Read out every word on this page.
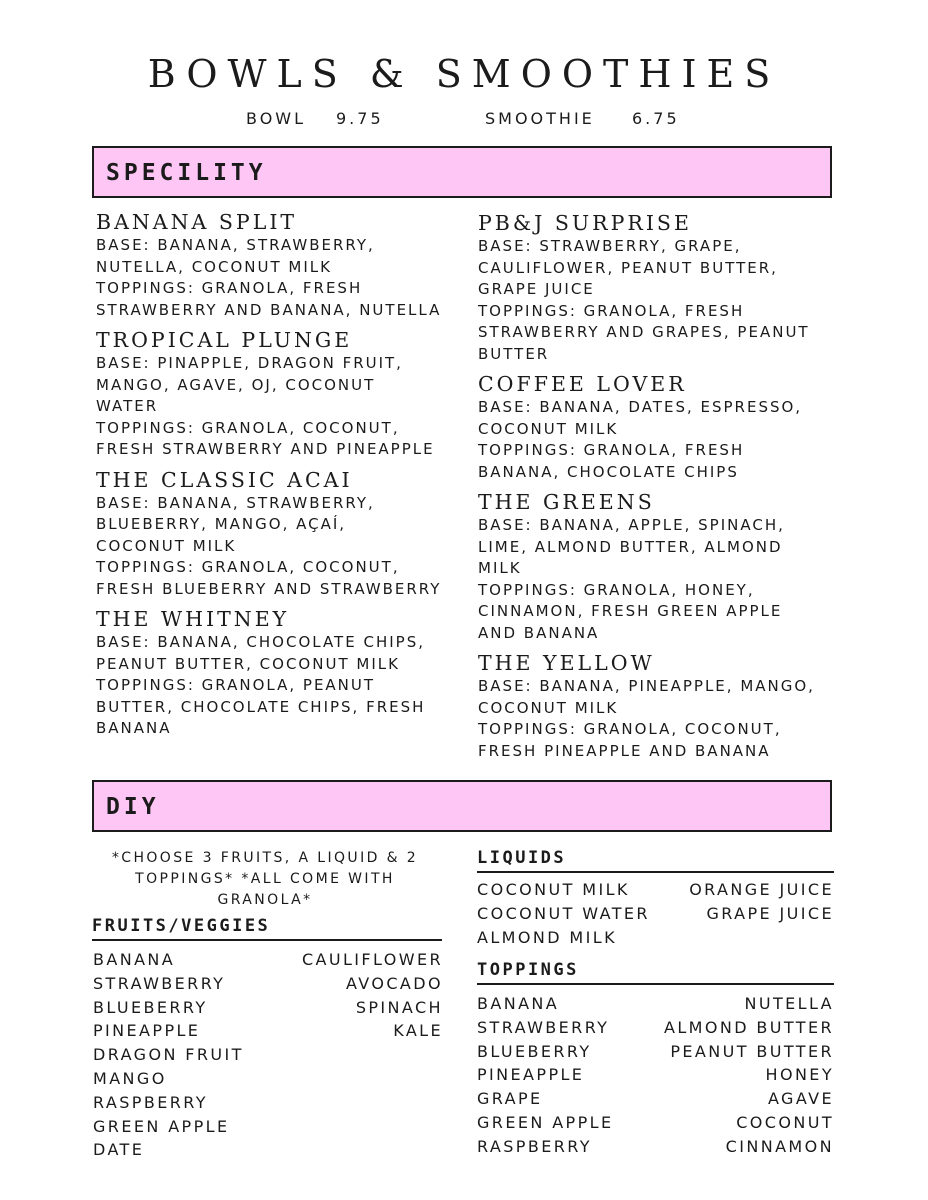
BOWLS & SMOOTHIES
BOWL 9.75	SMOOTHIE 6.75
SPECILITY
BANANA SPLIT
BASE: BANANA, STRAWBERRY,
NUTELLA, COCONUT MILK
TOPPINGS: GRANOLA, FRESH
STRAWBERRY AND BANANA, NUTELLA
TROPICAL PLUNGE
BASE: PINAPPLE, DRAGON FRUIT,
MANGO, AGAVE, OJ, COCONUT
WATER
TOPPINGS: GRANOLA, COCONUT,
FRESH STRAWBERRY AND PINEAPPLE
THE CLASSIC ACAI
BASE: BANANA, STRAWBERRY,
BLUEBERRY, MANGO, AÇAÍ,
COCONUT MILK
TOPPINGS: GRANOLA, COCONUT,
FRESH BLUEBERRY AND STRAWBERRY
THE WHITNEY
BASE: BANANA, CHOCOLATE CHIPS,
PEANUT BUTTER, COCONUT MILK
TOPPINGS: GRANOLA, PEANUT
BUTTER, CHOCOLATE CHIPS, FRESH
BANANA
PB&J SURPRISE
BASE: STRAWBERRY, GRAPE,
CAULIFLOWER, PEANUT BUTTER,
GRAPE JUICE
TOPPINGS: GRANOLA, FRESH
STRAWBERRY AND GRAPES, PEANUT
BUTTER
COFFEE LOVER
BASE: BANANA, DATES, ESPRESSO,
COCONUT MILK
TOPPINGS: GRANOLA, FRESH
BANANA, CHOCOLATE CHIPS
THE GREENS
BASE: BANANA, APPLE, SPINACH,
LIME, ALMOND BUTTER, ALMOND
MILK
TOPPINGS: GRANOLA, HONEY,
CINNAMON, FRESH GREEN APPLE
AND BANANA
THE YELLOW
BASE: BANANA, PINEAPPLE, MANGO,
COCONUT MILK
TOPPINGS: GRANOLA, COCONUT,
FRESH PINEAPPLE AND BANANA
DIY
*CHOOSE 3 FRUITS, A LIQUID & 2
TOPPINGS* *ALL COME WITH
GRANOLA*
FRUITS/VEGGIES
BANANA	CAULIFLOWER
STRAWBERRY	AVOCADO
BLUEBERRY	SPINACH
PINEAPPLE	KALE
DRAGON FRUIT
MANGO
RASPBERRY
GREEN APPLE
DATE
LIQUIDS
COCONUT MILK	ORANGE JUICE
COCONUT WATER	GRAPE JUICE
ALMOND MILK
TOPPINGS
BANANA	NUTELLA
STRAWBERRY	ALMOND BUTTER
BLUEBERRY	PEANUT BUTTER
PINEAPPLE	HONEY
GRAPE	AGAVE
GREEN APPLE	COCONUT
RASPBERRY	CINNAMON
